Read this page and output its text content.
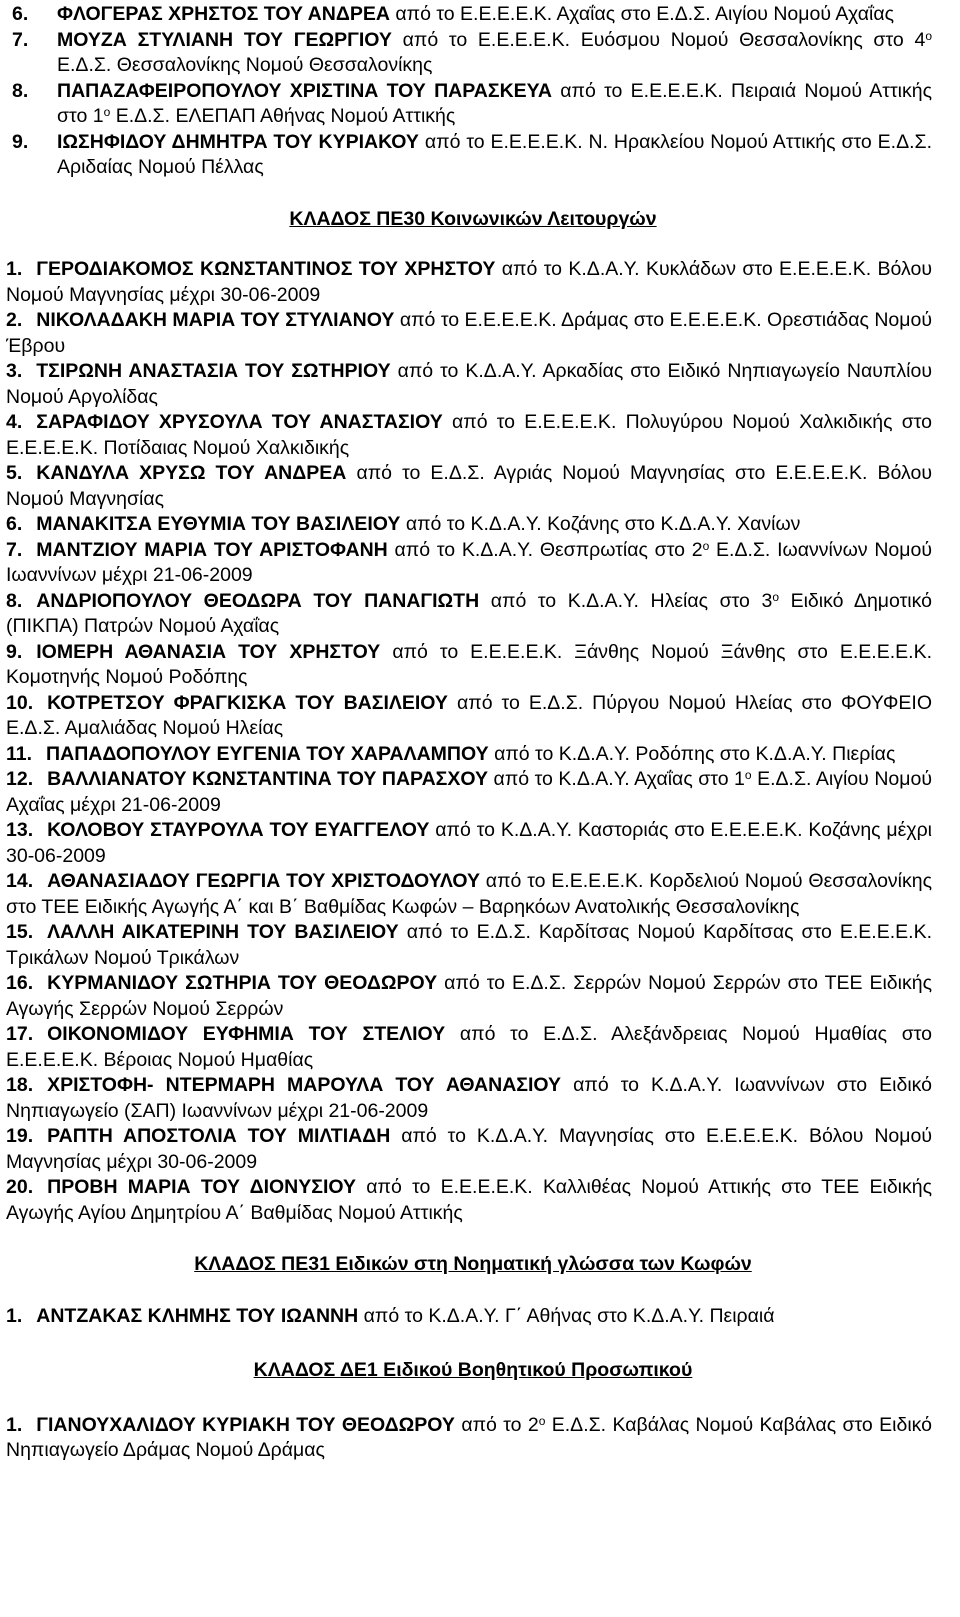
6. ΦΛΟΓΕΡΑΣ ΧΡΗΣΤΟΣ ΤΟΥ ΑΝΔΡΕΑ από το Ε.Ε.Ε.Ε.Κ. Αχαΐας στο Ε.Δ.Σ. Αιγίου Νομού Αχαΐας

7. ΜΟΥΖΑ ΣΤΥΛΙΑΝΗ ΤΟΥ ΓΕΩΡΓΙΟΥ από το Ε.Ε.Ε.Ε.Κ. Ευόσμου Νομού Θεσσαλονίκης στο $4^o$ Ε.Δ.Σ. Θεσσαλονίκης Νομού Θεσσαλονίκης

8. ΠΑΠΑΖΑΦΕΙΡΟΠΟΥΛΟΥ ΧΡΙΣΤΙΝΑ ΤΟΥ ΠΑΡΑΣΚΕΥΑ από το Ε.Ε.Ε.Ε.Κ. Πειραιά Νομού Αττικής στο $1^o$ Ε.Δ.Σ. ΕΛΕΠΑΠ Αθήνας Νομού Αττικής

9. ΙΩΣΗΦΙΔΟΥ ΔΗΜΗΤΡΑ ΤΟΥ ΚΥΡΙΑΚΟΥ από το Ε.Ε.Ε.Ε.Κ. Ν. Ηρακλείου Νομού Αττικής στο Ε.Δ.Σ. Αριδαίας Νομού Πέλλας

ΚΛΑΔΟΣ ΠΕ30 Κοινωνικών Λειτουργών

1. ΓΕΡΟΔΙΑΚΟΜΟΣ ΚΩΝΣΤΑΝΤΙΝΟΣ ΤΟΥ ΧΡΗΣΤΟΥ από το Κ.Δ.Α.Υ. Κυκλάδων στο Ε.Ε.Ε.Ε.Κ. Βόλου Νομού Μαγνησίας μέχρι 30-06-2009

2. ΝΙΚΟΛΑΔΑΚΗ ΜΑΡΙΑ ΤΟΥ ΣΤΥΛΙΑΝΟΥ από το Ε.Ε.Ε.Ε.Κ. Δράμας στο Ε.Ε.Ε.Ε.Κ. Ορεστιάδας Νομού Έβρου

3. ΤΣΙΡΩΝΗ ΑΝΑΣΤΑΣΙΑ ΤΟΥ ΣΩΤΗΡΙΟΥ από το Κ.Δ.Α.Υ. Αρκαδίας στο Ειδικό Νηπιαγωγείο Ναυπλίου Νομού Αργολίδας

4. ΣΑΡΑΦΙΔΟΥ ΧΡΥΣΟΥΛΑ ΤΟΥ ΑΝΑΣΤΑΣΙΟΥ από το Ε.Ε.Ε.Ε.Κ. Πολυγύρου Νομού Χαλκιδικής στο Ε.Ε.Ε.Ε.Κ. Ποτίδαιας Νομού Χαλκιδικής

5. ΚΑΝΔΥΛΑ ΧΡΥΣΩ ΤΟΥ ΑΝΔΡΕΑ από το Ε.Δ.Σ. Αγριάς Νομού Μαγνησίας στο Ε.Ε.Ε.Ε.Κ. Βόλου Νομού Μαγνησίας

6. ΜΑΝΑΚΙΤΣΑ ΕΥΘΥΜΙΑ ΤΟΥ ΒΑΣΙΛΕΙΟΥ από το Κ.Δ.Α.Υ. Κοζάνης στο Κ.Δ.Α.Υ. Χανίων

7. ΜΑΝΤΖΙΟΥ ΜΑΡΙΑ ΤΟΥ ΑΡΙΣΤΟΦΑΝΗ από το Κ.Δ.Α.Υ. Θεσπρωτίας στο $2^o$ Ε.Δ.Σ. Ιωαννίνων Νομού Ιωαννίνων μέχρι 21-06-2009

8. ΑΝΔΡΙΟΠΟΥΛΟΥ ΘΕΟΔΩΡΑ ΤΟΥ ΠΑΝΑΓΙΩΤΗ από το Κ.Δ.Α.Υ. Ηλείας στο $3^o$ Ειδικό Δημοτικό (ΠΙΚΠΑ) Πατρών Νομού Αχαΐας

9. ΙΟΜΕΡΗ ΑΘΑΝΑΣΙΑ ΤΟΥ ΧΡΗΣΤΟΥ από το Ε.Ε.Ε.Ε.Κ. Ξάνθης Νομού Ξάνθης στο Ε.Ε.Ε.Ε.Κ. Κομοτηνής Νομού Ροδόπης

10. ΚΟΤΡΕΤΣΟΥ ΦΡΑΓΚΙΣΚΑ ΤΟΥ ΒΑΣΙΛΕΙΟΥ από το Ε.Δ.Σ. Πύργου Νομού Ηλείας στο ΦΟΥΦΕΙΟ Ε.Δ.Σ. Αμαλιάδας Νομού Ηλείας

11. ΠΑΠΑΔΟΠΟΥΛΟΥ ΕΥΓΕΝΙΑ ΤΟΥ ΧΑΡΑΛΑΜΠΟΥ από το Κ.Δ.Α.Υ. Ροδόπης στο Κ.Δ.Α.Υ. Πιερίας

12. ΒΑΛΛΙΑΝΑΤΟΥ ΚΩΝΣΤΑΝΤΙΝΑ ΤΟΥ ΠΑΡΑΣΧΟΥ από το Κ.Δ.Α.Υ. Αχαΐας στο $1^o$ Ε.Δ.Σ. Αιγίου Νομού Αχαΐας μέχρι 21-06-2009

13. ΚΟΛΟΒΟΥ ΣΤΑΥΡΟΥΛΑ ΤΟΥ ΕΥΑΓΓΕΛΟΥ από το Κ.Δ.Α.Υ. Καστοριάς στο Ε.Ε.Ε.Ε.Κ. Κοζάνης μέχρι 30-06-2009

14. ΑΘΑΝΑΣΙΑΔΟΥ ΓΕΩΡΓΙΑ ΤΟΥ ΧΡΙΣΤΟΔΟΥΛΟΥ από το Ε.Ε.Ε.Ε.Κ. Κορδελιού Νομού Θεσσαλονίκης στο ΤΕΕ Ειδικής Αγωγής Α΄ και Β΄ Βαθμίδας Κωφών – Βαρηκόων Ανατολικής Θεσσαλονίκης

15. ΛΑΛΛΗ ΑΙΚΑΤΕΡΙΝΗ ΤΟΥ ΒΑΣΙΛΕΙΟΥ από το Ε.Δ.Σ. Καρδίτσας Νομού Καρδίτσας στο Ε.Ε.Ε.Ε.Κ. Τρικάλων Νομού Τρικάλων

16. ΚΥΡΜΑΝΙΔΟΥ ΣΩΤΗΡΙΑ ΤΟΥ ΘΕΟΔΩΡΟΥ από το Ε.Δ.Σ. Σερρών Νομού Σερρών στο ΤΕΕ Ειδικής Αγωγής Σερρών Νομού Σερρών

17. ΟΙΚΟΝΟΜΙΔΟΥ ΕΥΦΗΜΙΑ ΤΟΥ ΣΤΕΛΙΟΥ από το Ε.Δ.Σ. Αλεξάνδρειας Νομού Ημαθίας στο Ε.Ε.Ε.Ε.Κ. Βέροιας Νομού Ημαθίας

18. ΧΡΙΣΤΟΦΗ- ΝΤΕΡΜΑΡΗ ΜΑΡΟΥΛΑ ΤΟΥ ΑΘΑΝΑΣΙΟΥ από το Κ.Δ.Α.Υ. Ιωαννίνων στο Ειδικό Νηπιαγωγείο (ΣΑΠ) Ιωαννίνων μέχρι 21-06-2009

19. ΡΑΠΤΗ ΑΠΟΣΤΟΛΙΑ ΤΟΥ ΜΙΛΤΙΑΔΗ από το Κ.Δ.Α.Υ. Μαγνησίας στο Ε.Ε.Ε.Ε.Κ. Βόλου Νομού Μαγνησίας μέχρι 30-06-2009

20. ΠΡΟΒΗ ΜΑΡΙΑ ΤΟΥ ΔΙΟΝΥΣΙΟΥ από το Ε.Ε.Ε.Ε.Κ. Καλλιθέας Νομού Αττικής στο ΤΕΕ Ειδικής Αγωγής Αγίου Δημητρίου Α΄ Βαθμίδας Νομού Αττικής

ΚΛΑΔΟΣ ΠΕ31 Ειδικών στη Νοηματική γλώσσα των Κωφών

1. ΑΝΤΖΑΚΑΣ ΚΛΗΜΗΣ ΤΟΥ ΙΩΑΝΝΗ από το Κ.Δ.Α.Υ. Γ΄ Αθήνας στο Κ.Δ.Α.Υ. Πειραιά

ΚΛΑΔΟΣ ΔΕ1 Ειδικού Βοηθητικού Προσωπικού

1. ΓΙΑΝΟΥΧΑΛΙΔΟΥ ΚΥΡΙΑΚΗ ΤΟΥ ΘΕΟΔΩΡΟΥ από το $2^o$ Ε.Δ.Σ. Καβάλας Νομού Καβάλας στο Ειδικό Νηπιαγωγείο Δράμας Νομού Δράμας
